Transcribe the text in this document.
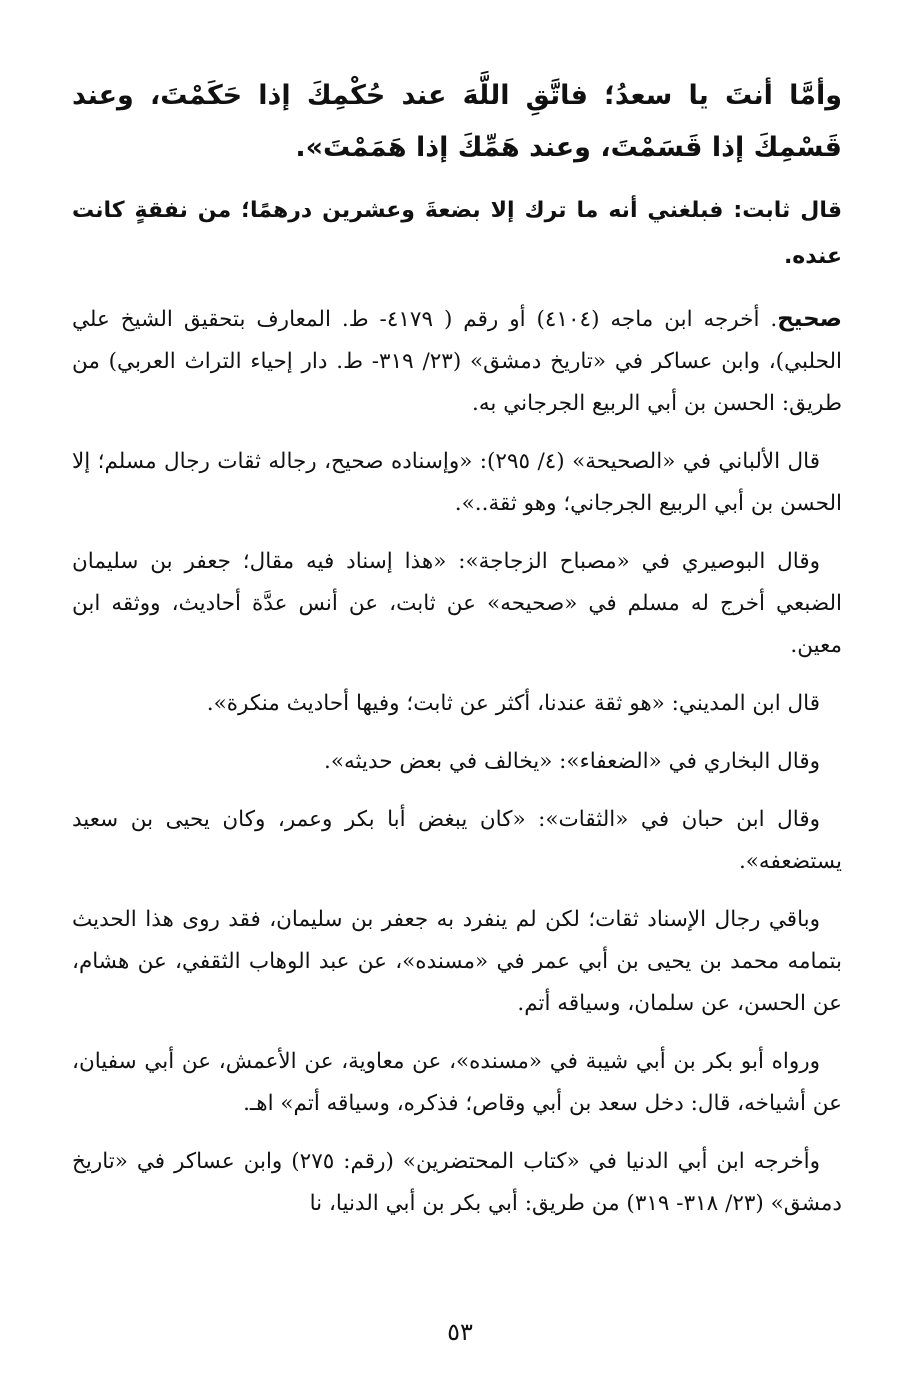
وأمَّا أنتَ يا سعدُ؛ فاتَّقِ اللَّهَ عند حُكْمِكَ إذا حَكَمْتَ، وعند قَسْمِكَ إذا قَسَمْتَ، وعند هَمِّكَ إذا هَمَمْتَ».

قال ثابت: فبلغني أنه ما ترك إلا بضعةَ وعشرين درهمًا؛ من نفقةٍ كانت عنده.

صحيح. أخرجه ابن ماجه (٤١٠٤) أو رقم ( ٤١٧٩- ط. المعارف بتحقيق الشيخ علي الحلبي)، وابن عساكر في «تاريخ دمشق» (٢٣/ ٣١٩- ط. دار إحياء التراث العربي) من طريق: الحسن بن أبي الربيع الجرجاني به.

قال الألباني في «الصحيحة» (٤/ ٢٩٥): «وإسناده صحيح، رجاله ثقات رجال مسلم؛ إلا الحسن بن أبي الربيع الجرجاني؛ وهو ثقة..».

وقال البوصيري في «مصباح الزجاجة»: «هذا إسناد فيه مقال؛ جعفر بن سليمان الضبعي أخرج له مسلم في «صحيحه» عن ثابت، عن أنس عدَّة أحاديث، ووثقه ابن معين.

قال ابن المديني: «هو ثقة عندنا، أكثر عن ثابت؛ وفيها أحاديث منكرة».

وقال البخاري في «الضعفاء»: «يخالف في بعض حديثه».

وقال ابن حبان في «الثقات»: «كان يبغض أبا بكر وعمر، وكان يحيى بن سعيد يستضعفه».

وباقي رجال الإسناد ثقات؛ لكن لم ينفرد به جعفر بن سليمان، فقد روى هذا الحديث بتمامه محمد بن يحيى بن أبي عمر في «مسنده»، عن عبد الوهاب الثقفي، عن هشام، عن الحسن، عن سلمان، وسياقه أتم.

ورواه أبو بكر بن أبي شيبة في «مسنده»، عن معاوية، عن الأعمش، عن أبي سفيان، عن أشياخه، قال: دخل سعد بن أبي وقاص؛ فذكره، وسياقه أتم» اهـ.

وأخرجه ابن أبي الدنيا في «كتاب المحتضرين» (رقم: ٢٧٥) وابن عساكر في «تاريخ دمشق» (٢٣/ ٣١٨- ٣١٩) من طريق: أبي بكر بن أبي الدنيا، نا

٥٣
